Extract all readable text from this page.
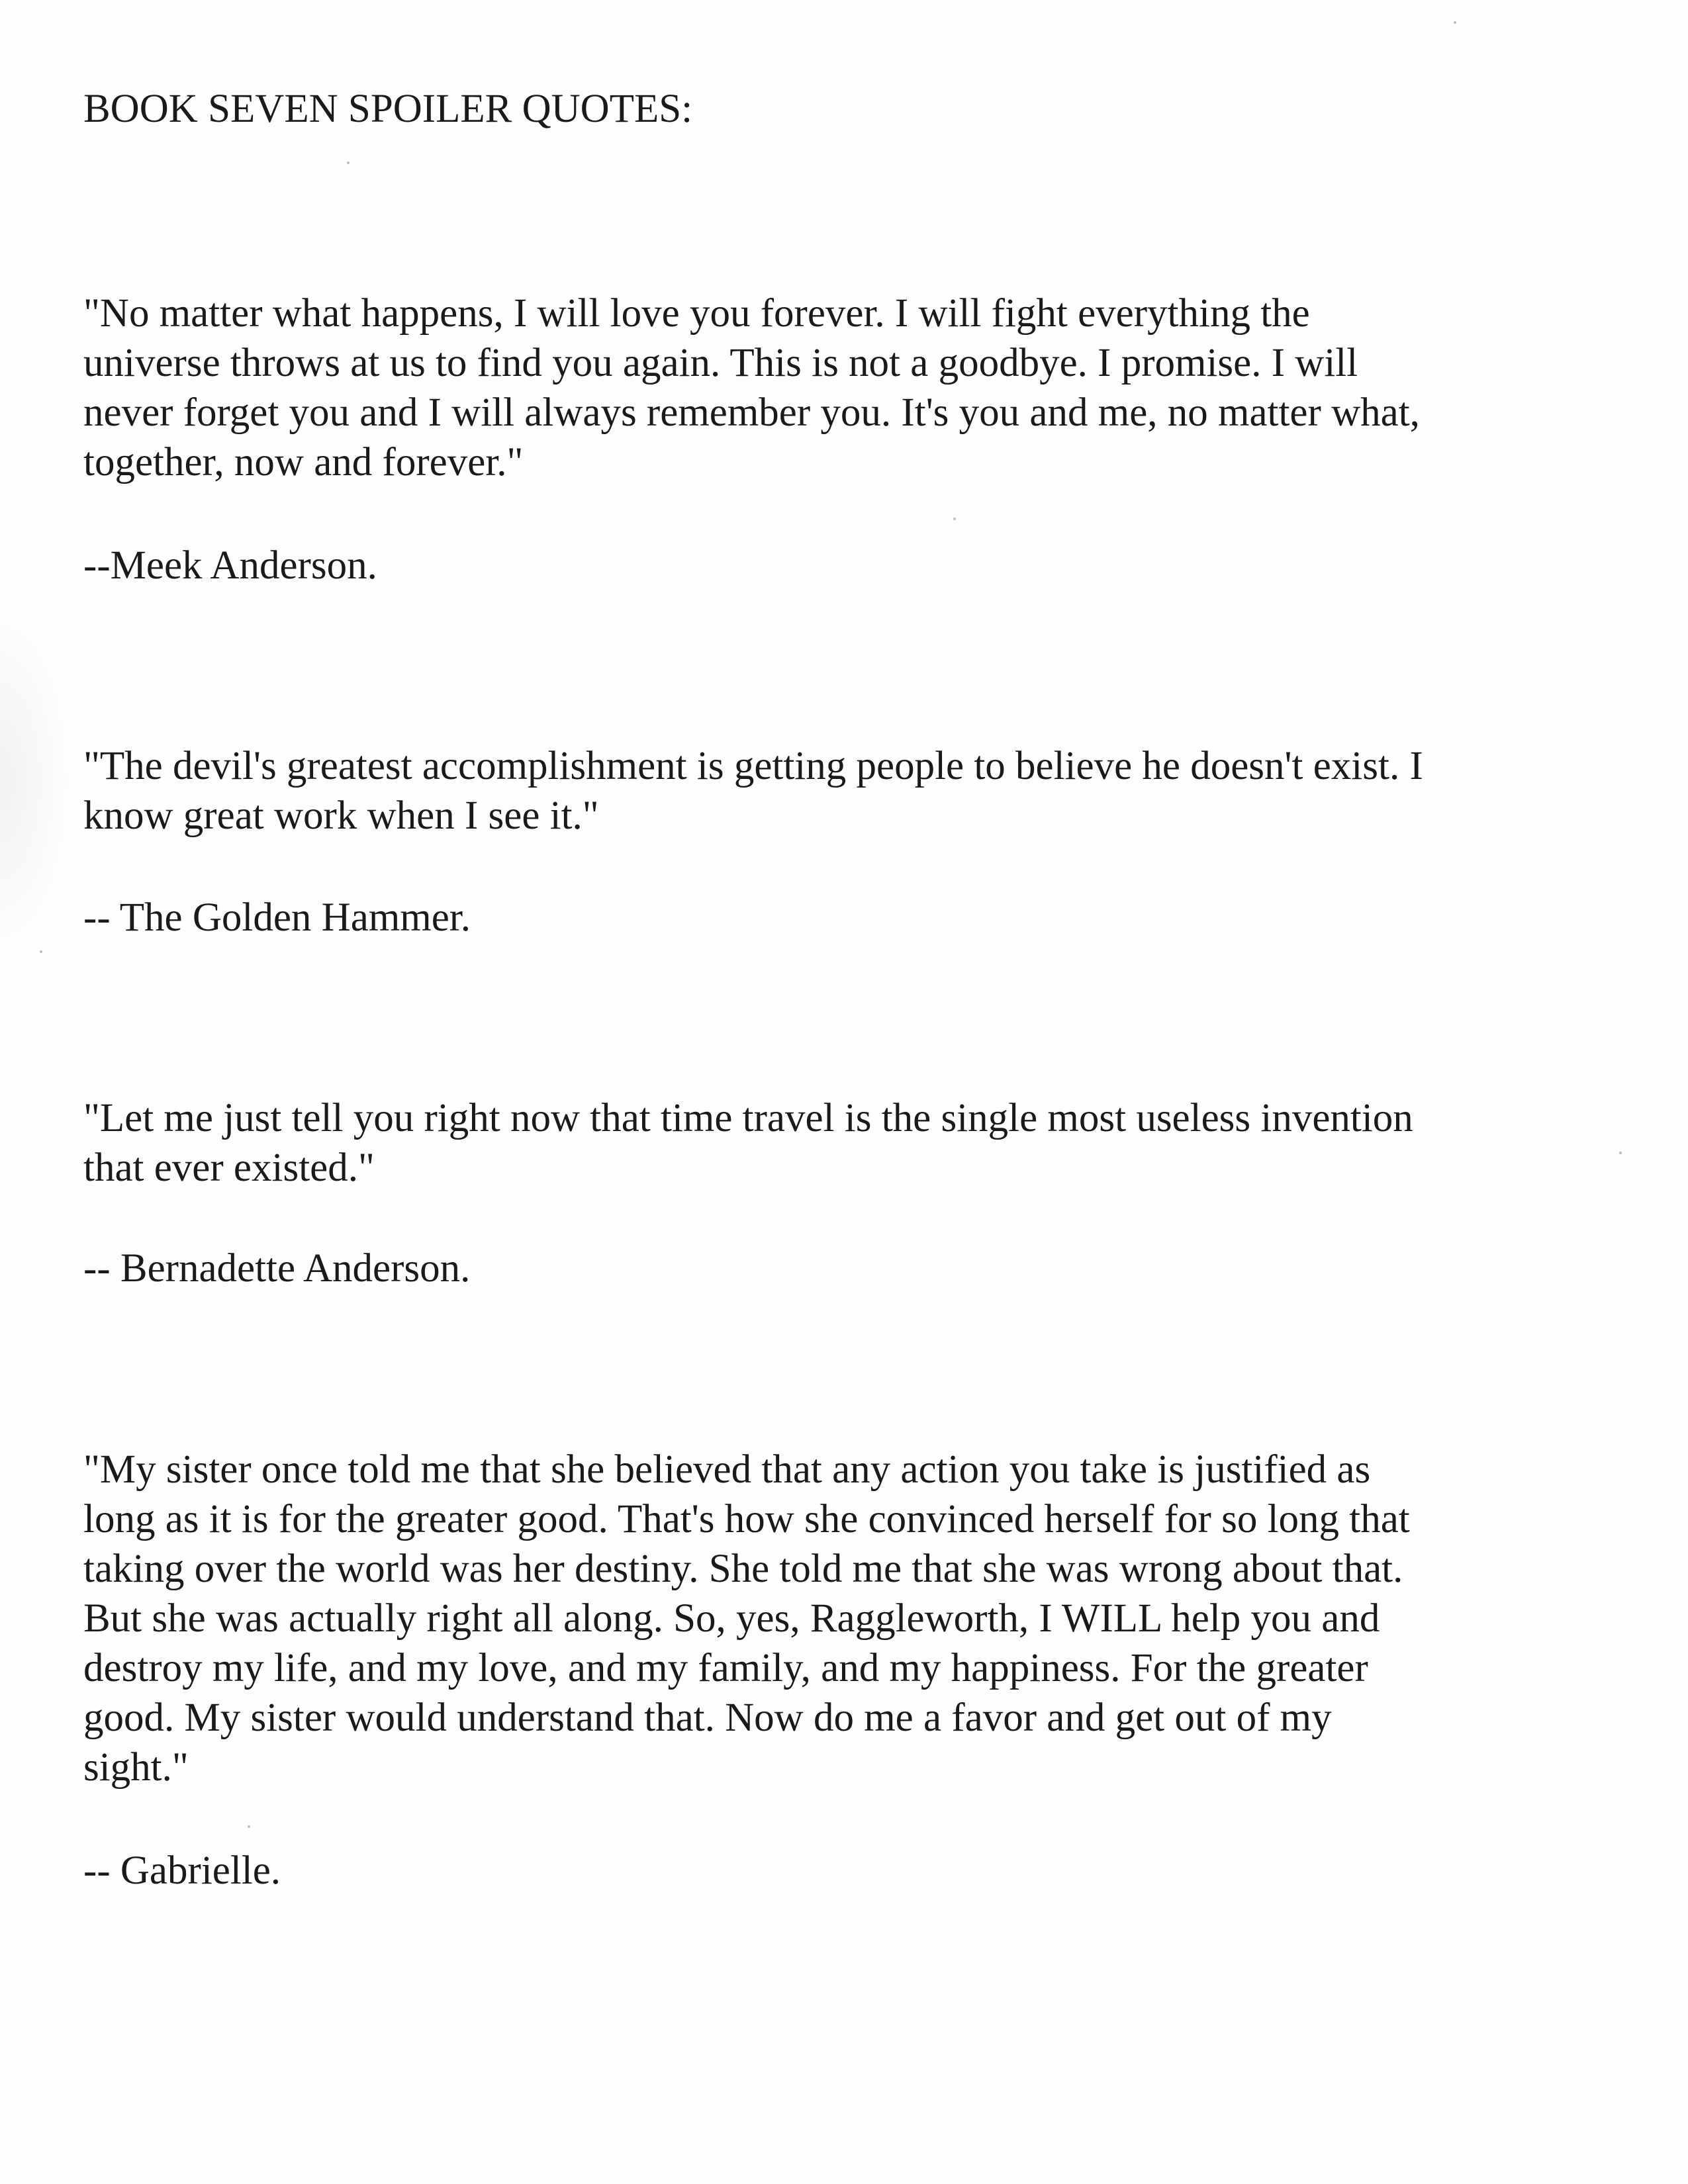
BOOK SEVEN SPOILER QUOTES:
"No matter what happens, I will love you forever. I will fight everything the
universe throws at us to find you again. This is not a goodbye. I promise. I will
never forget you and I will always remember you. It's you and me, no matter what,
together, now and forever."
--Meek Anderson.
"The devil's greatest accomplishment is getting people to believe he doesn't exist. I
know great work when I see it."
-- The Golden Hammer.
"Let me just tell you right now that time travel is the single most useless invention
that ever existed."
-- Bernadette Anderson.
"My sister once told me that she believed that any action you take is justified as
long as it is for the greater good. That's how she convinced herself for so long that
taking over the world was her destiny. She told me that she was wrong about that.
But she was actually right all along. So, yes, Raggleworth, I WILL help you and
destroy my life, and my love, and my family, and my happiness. For the greater
good. My sister would understand that. Now do me a favor and get out of my
sight."
-- Gabrielle.
